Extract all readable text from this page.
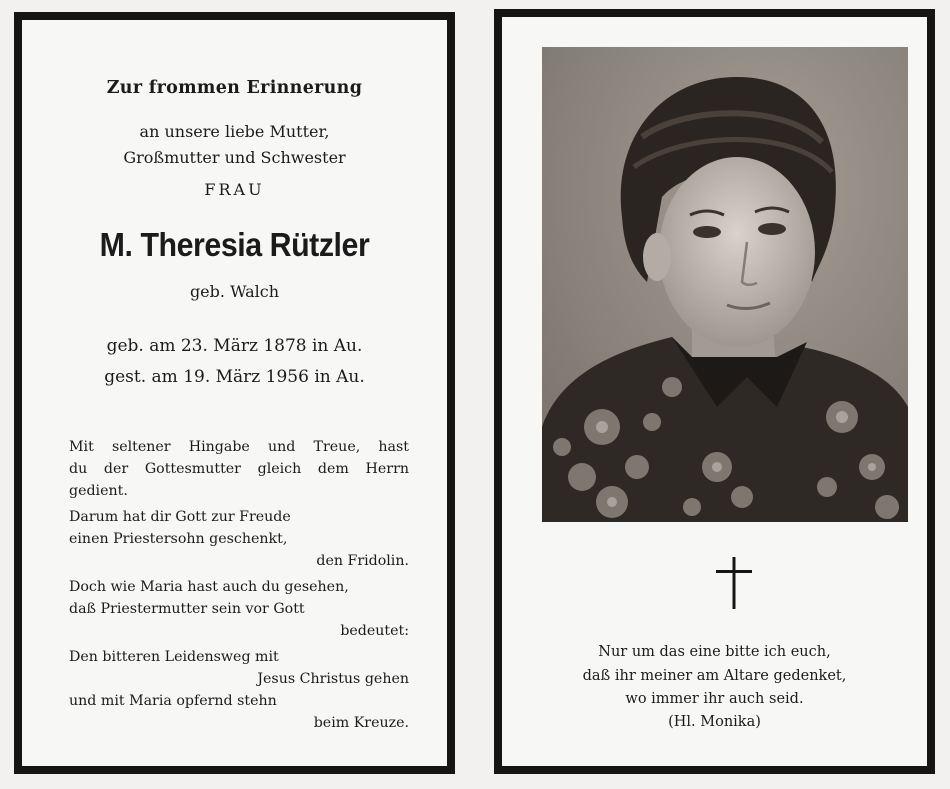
Zur frommen Erinnerung
an unsere liebe Mutter,
Großmutter und Schwester
FRAU
M. Theresia Rützler
geb. Walch
geb. am 23. März 1878 in Au.
gest. am 19. März 1956 in Au.
Mit seltener Hingabe und Treue, hast
du der Gottesmutter gleich dem Herrn
gedient.
Darum hat dir Gott zur Freude
einen Priestersohn geschenkt,
den Fridolin.
Doch wie Maria hast auch du gesehen,
daß Priestermutter sein vor Gott
bedeutet:
Den bitteren Leidensweg mit
Jesus Christus gehen
und mit Maria opfernd stehn
beim Kreuze.
Nur um das eine bitte ich euch,
daß ihr meiner am Altare gedenket,
wo immer ihr auch seid.
(Hl. Monika)
